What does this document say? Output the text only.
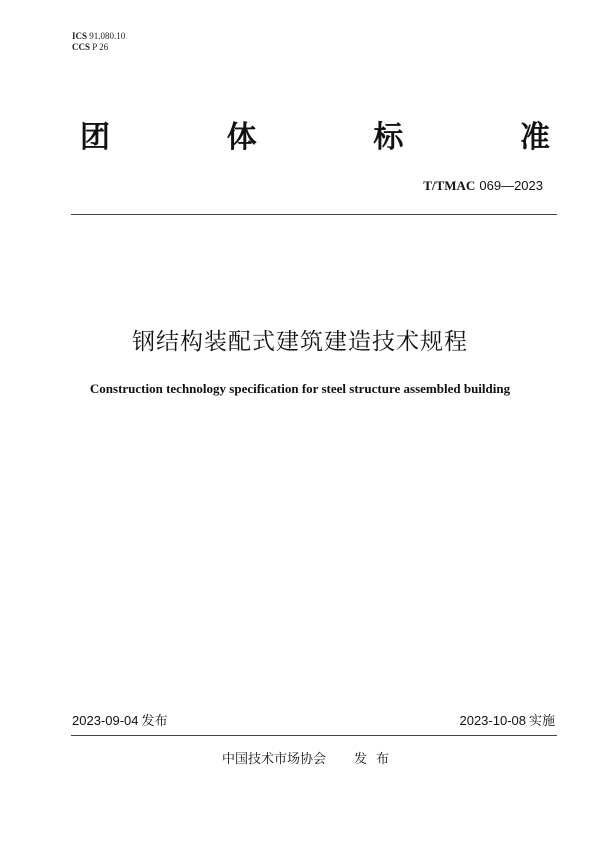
ICS 91.080.10
CCS P 26
团	体	标	准
T/TMAC 069—2023
钢结构装配式建筑建造技术规程
Construction technology specification for steel structure assembled building
2023-09-04 发布	2023-10-08 实施
中国技术市场协会 发布
